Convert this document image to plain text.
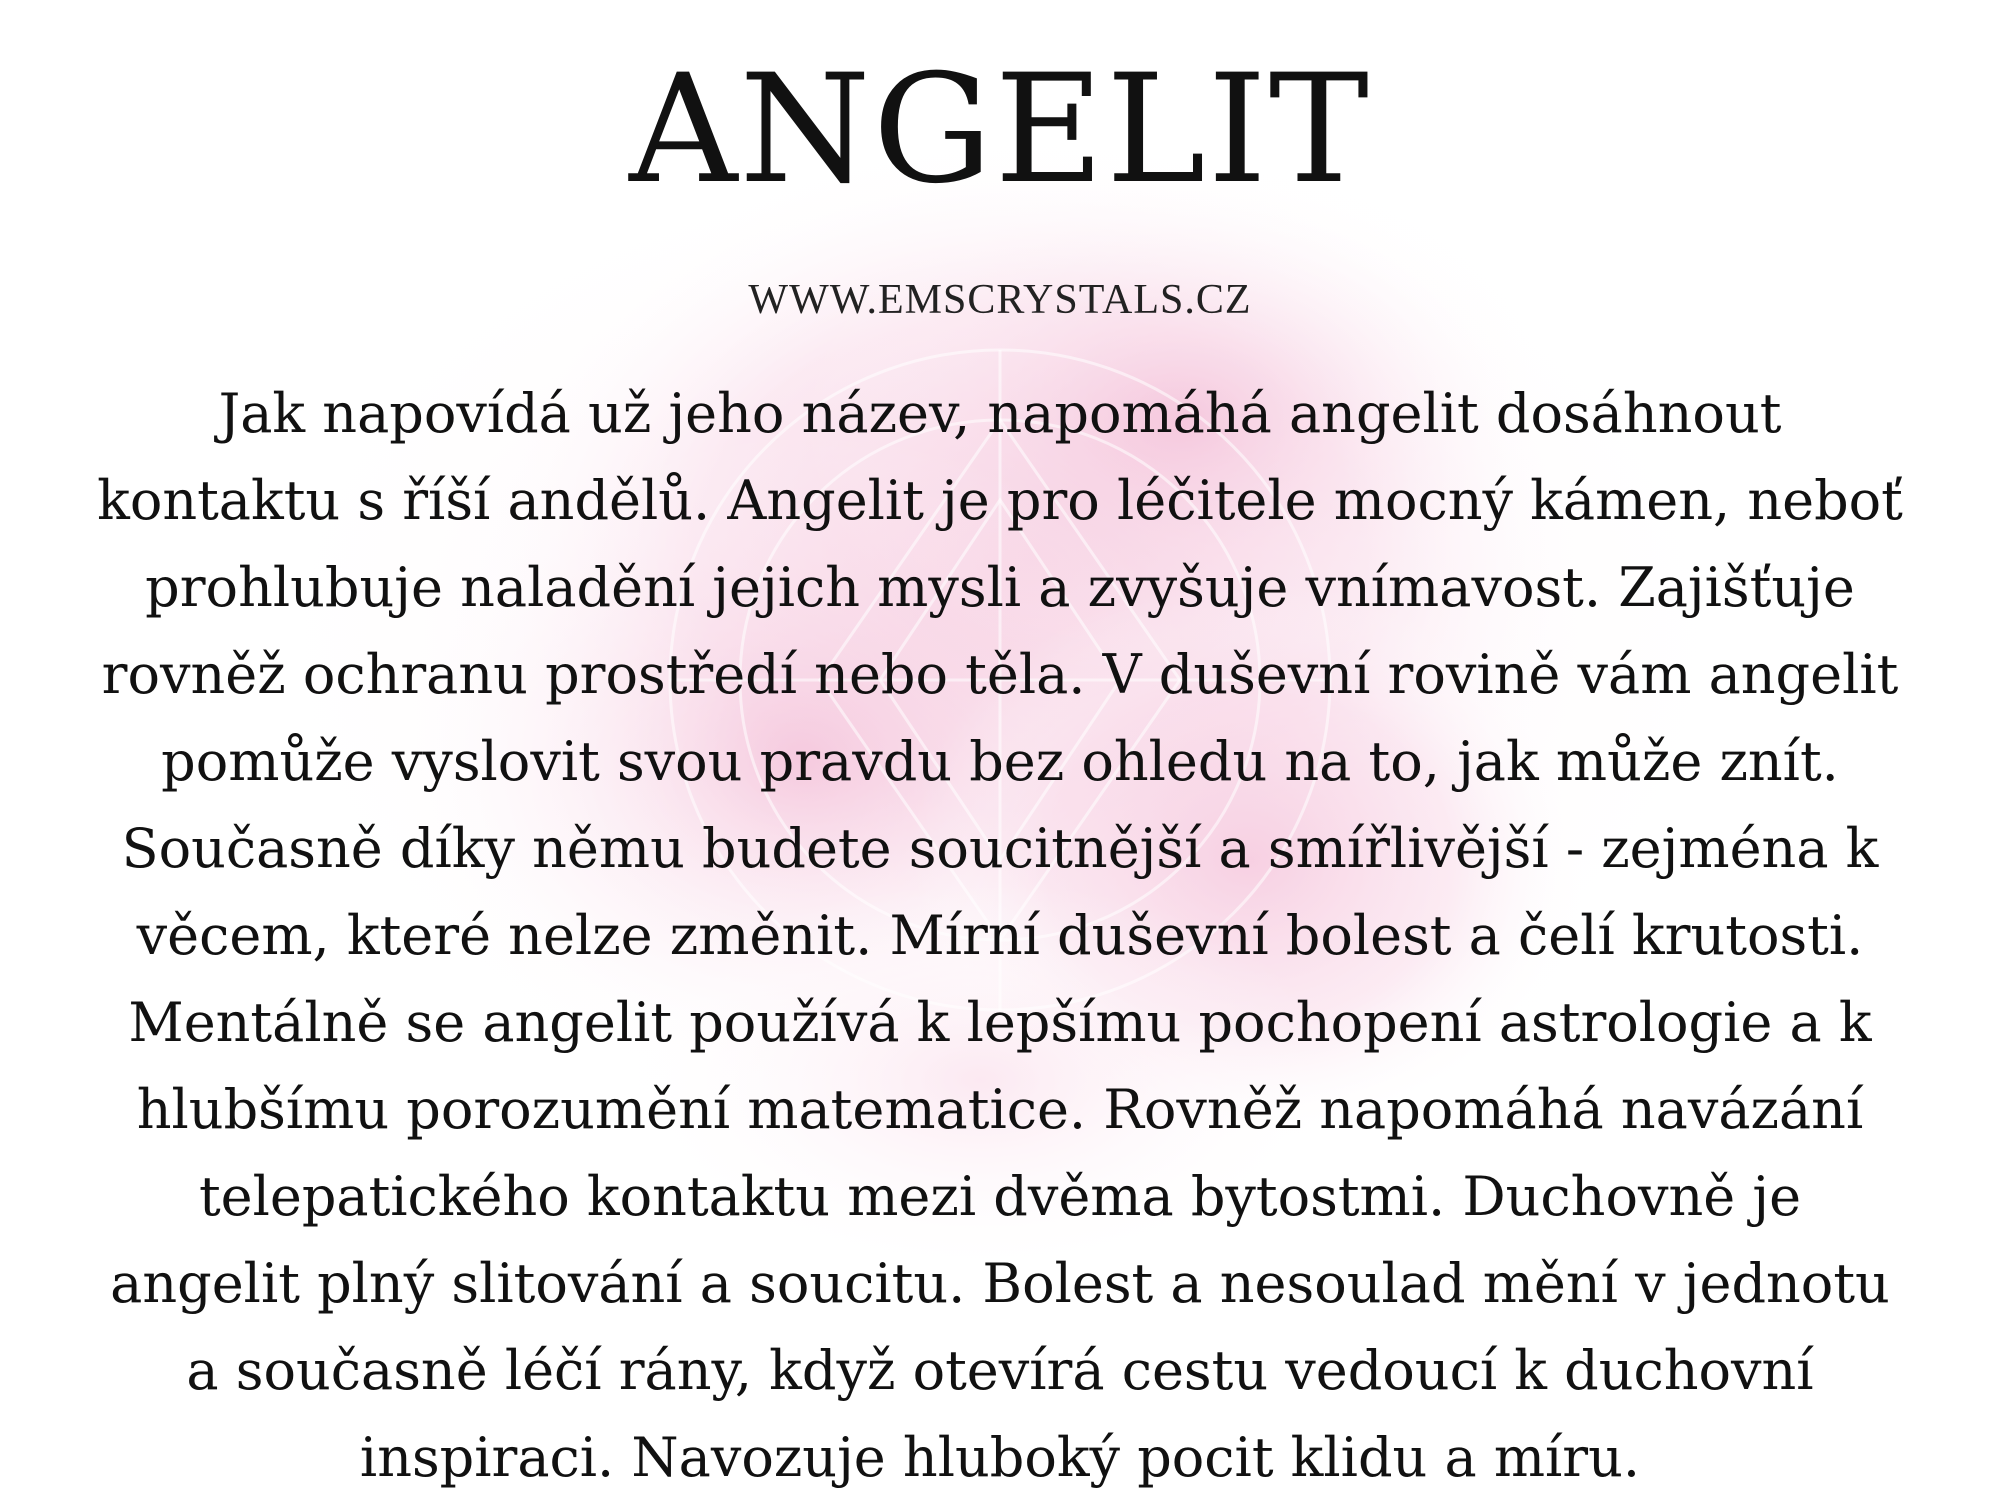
ANGELIT
WWW.EMSCRYSTALS.CZ
Jak napovídá už jeho název, napomáhá angelit dosáhnout
kontaktu s říší andělů. Angelit je pro léčitele mocný kámen, neboť
prohlubuje naladění jejich mysli a zvyšuje vnímavost. Zajišťuje
rovněž ochranu prostředí nebo těla. V duševní rovině vám angelit
pomůže vyslovit svou pravdu bez ohledu na to, jak může znít.
Současně díky němu budete soucitnější a smířlivější - zejména k
věcem, které nelze změnit. Mírní duševní bolest a čelí krutosti.
Mentálně se angelit používá k lepšímu pochopení astrologie a k
hlubšímu porozumění matematice. Rovněž napomáhá navázání
telepatického kontaktu mezi dvěma bytostmi. Duchovně je
angelit plný slitování a soucitu. Bolest a nesoulad mění v jednotu
a současně léčí rány, když otevírá cestu vedoucí k duchovní
inspiraci. Navozuje hluboký pocit klidu a míru.
